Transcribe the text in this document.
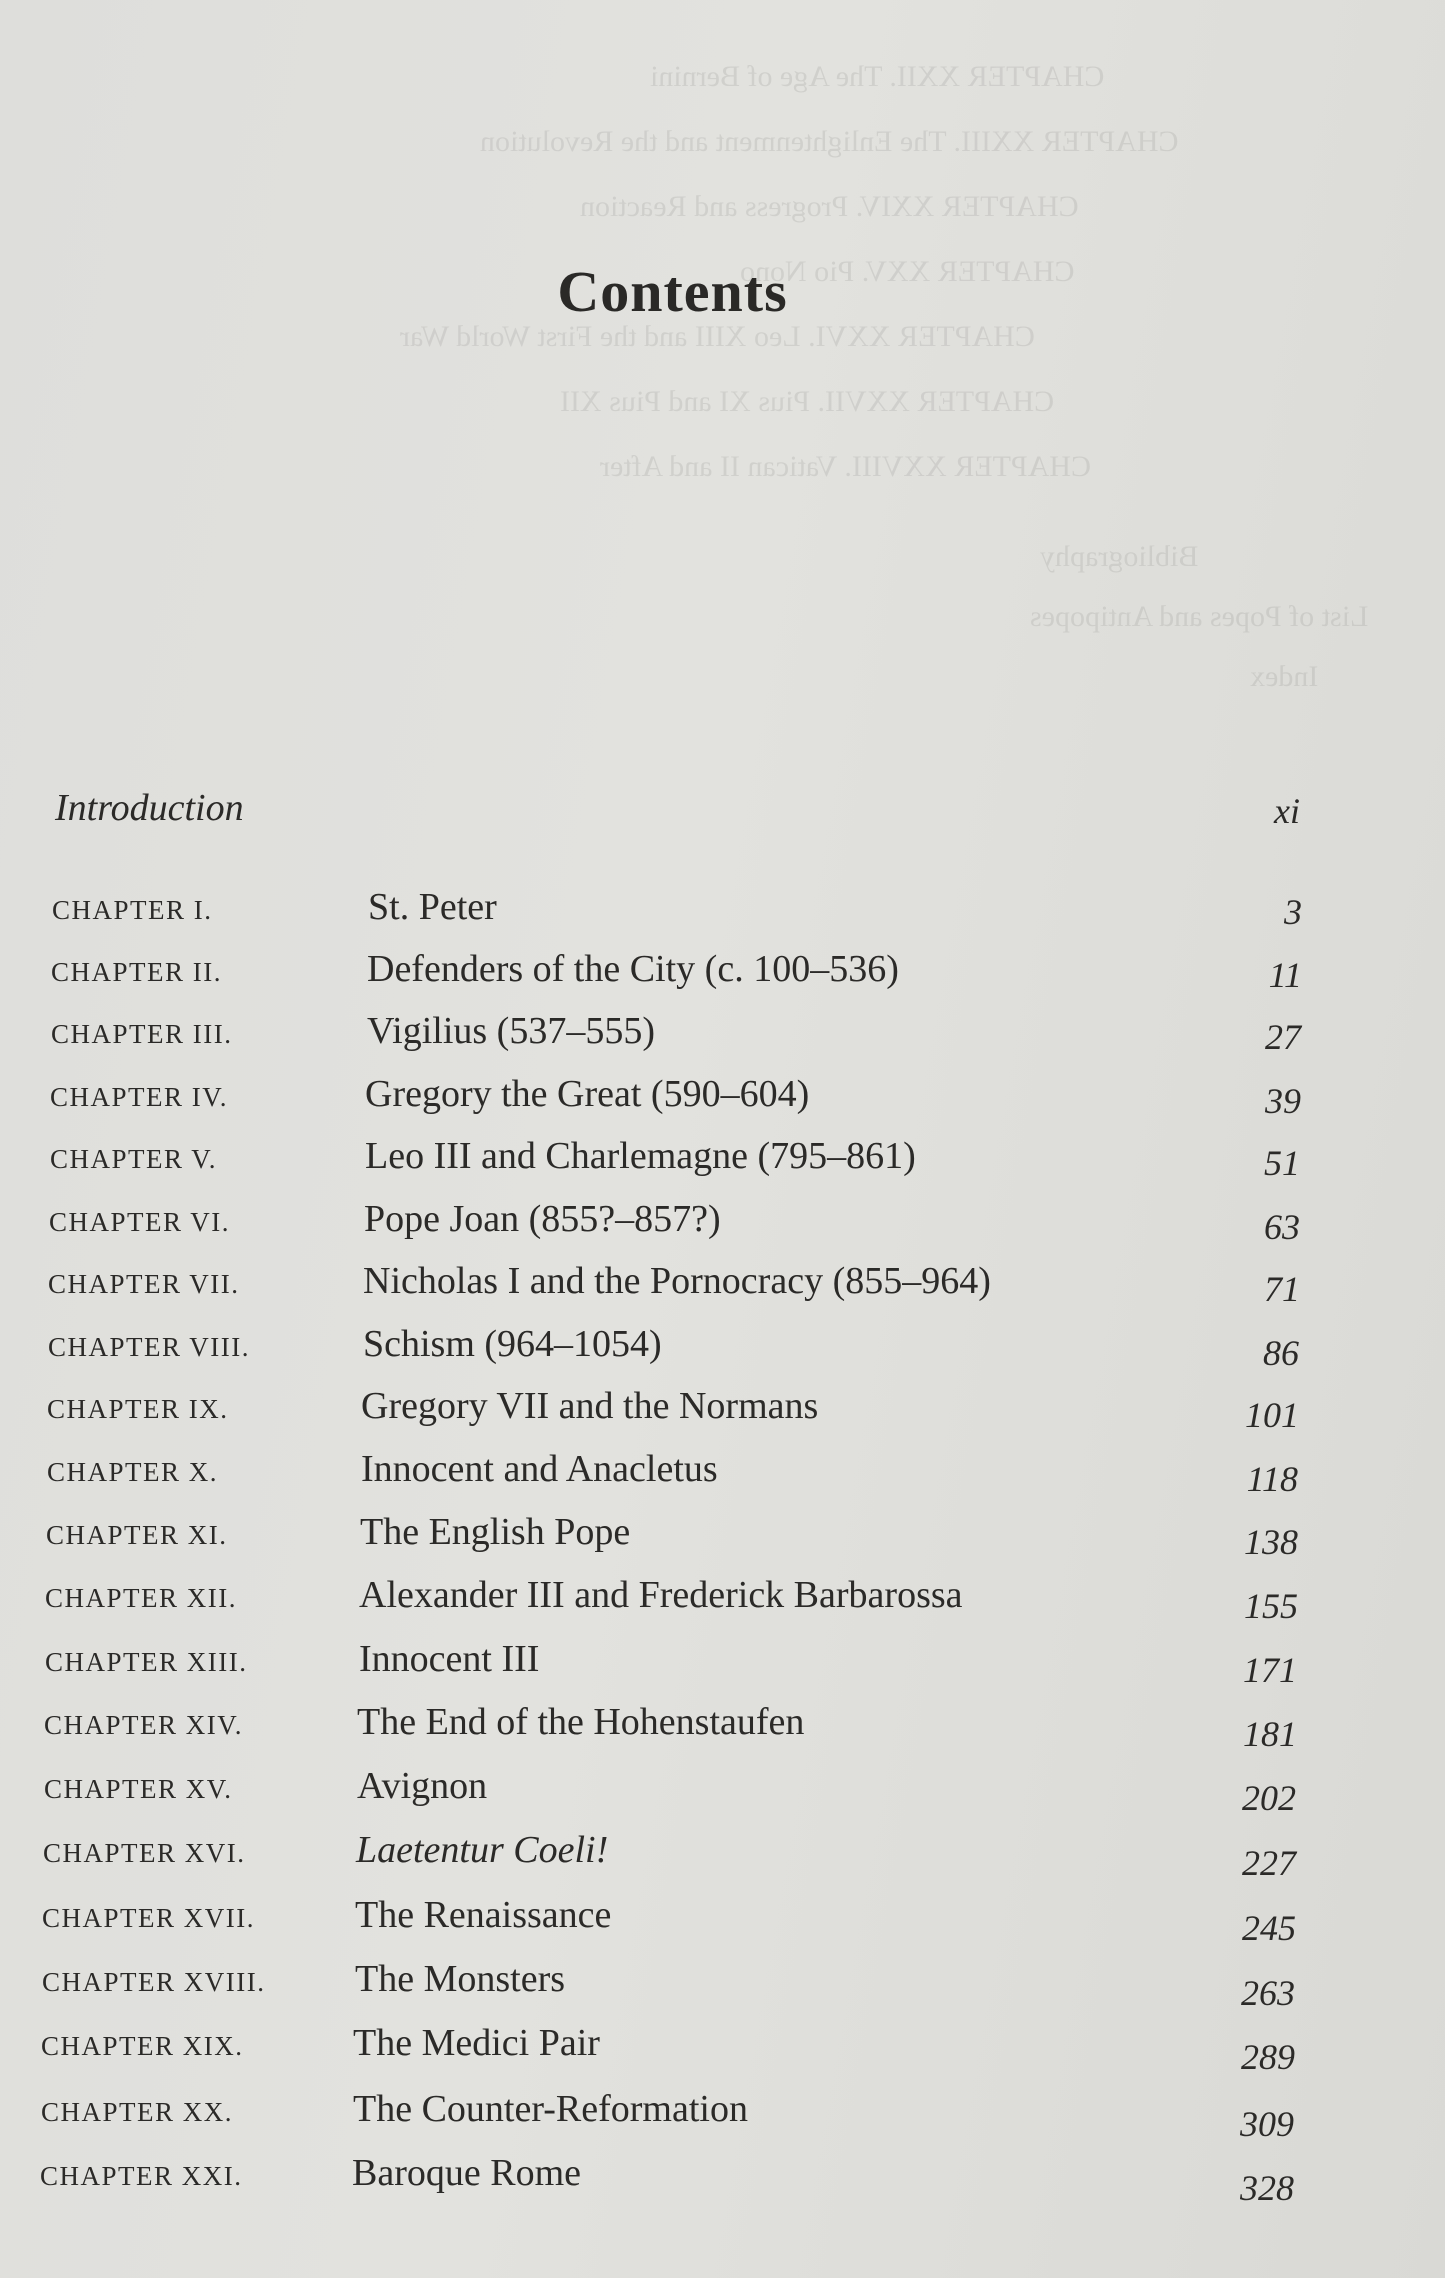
CHAPTER XXII. The Age of Bernini
CHAPTER XXIII. The Enlightenment and the Revolution
CHAPTER XXIV. Progress and Reaction
CHAPTER XXV. Pio Nono
CHAPTER XXVI. Leo XIII and the First World War
CHAPTER XXVII. Pius XI and Pius XII
CHAPTER XXVIII. Vatican II and After
Bibliography
List of Popes and Antipopes
Index
Contents
Introduction	xi
CHAPTER I.	St. Peter	3
CHAPTER II.	Defenders of the City (c. 100–536)	11
CHAPTER III.	Vigilius (537–555)	27
CHAPTER IV.	Gregory the Great (590–604)	39
CHAPTER V.	Leo III and Charlemagne (795–861)	51
CHAPTER VI.	Pope Joan (855?–857?)	63
CHAPTER VII.	Nicholas I and the Pornocracy (855–964)	71
CHAPTER VIII.	Schism (964–1054)	86
CHAPTER IX.	Gregory VII and the Normans	101
CHAPTER X.	Innocent and Anacletus	118
CHAPTER XI.	The English Pope	138
CHAPTER XII.	Alexander III and Frederick Barbarossa	155
CHAPTER XIII.	Innocent III	171
CHAPTER XIV.	The End of the Hohenstaufen	181
CHAPTER XV.	Avignon	202
CHAPTER XVI.	Laetentur Coeli!	227
CHAPTER XVII.	The Renaissance	245
CHAPTER XVIII. The Monsters	263
CHAPTER XIX.	The Medici Pair	289
CHAPTER XX.	The Counter-Reformation	309
CHAPTER XXI.	Baroque Rome	328
